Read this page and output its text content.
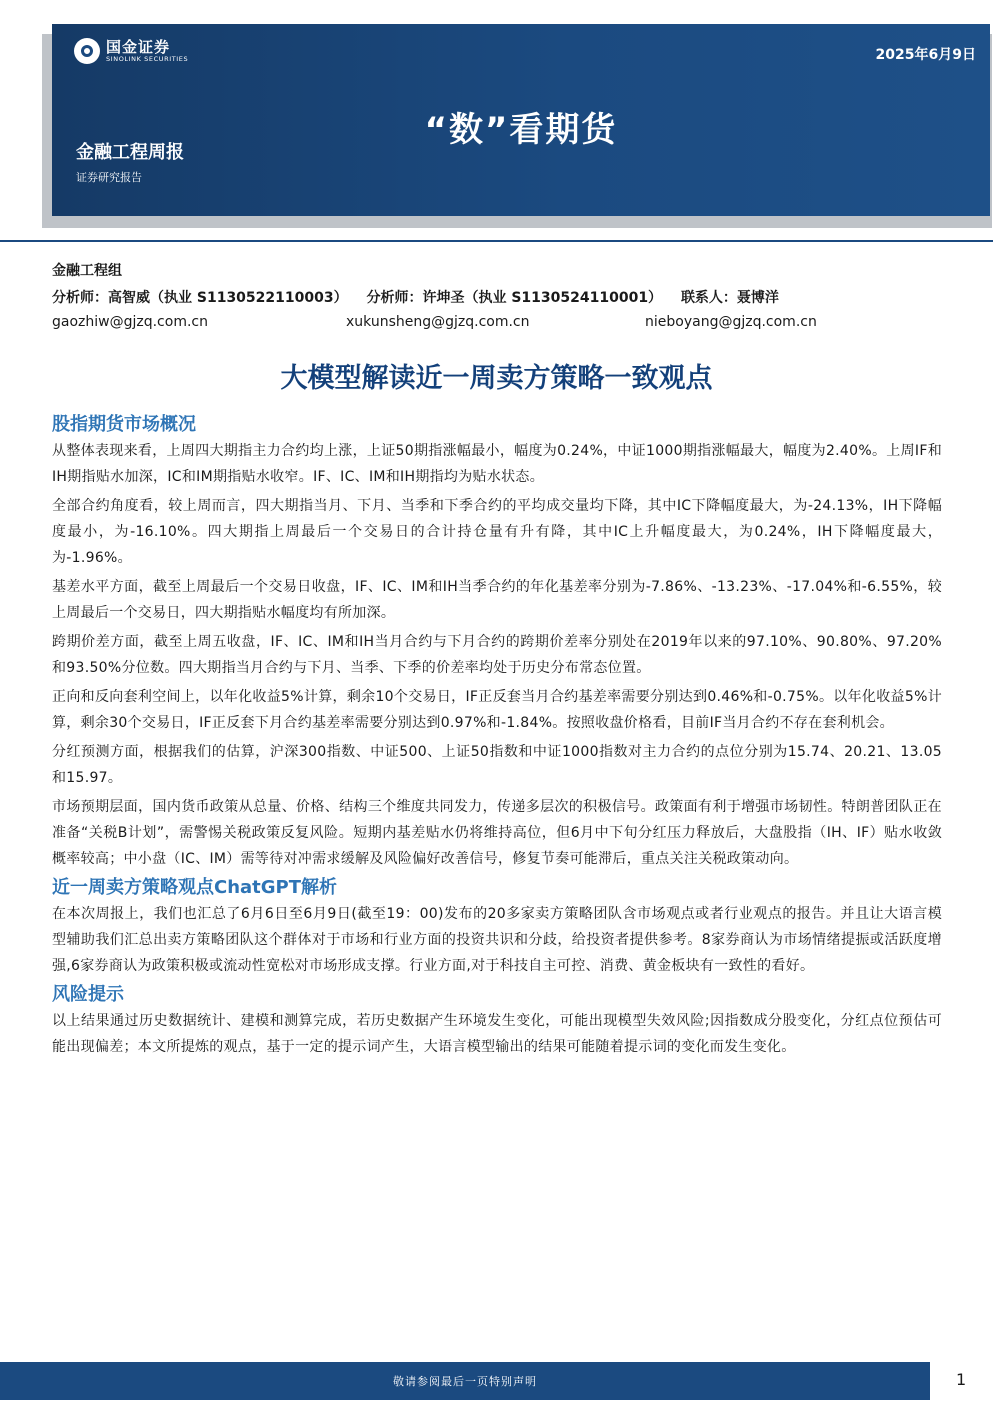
国金证券
SINOLINK SECURITIES	2025年6月9日
“数”看期货
金融工程周报
证券研究报告
金融工程组
分析师：高智威（执业 S1130522110003） 分析师：许坤圣（执业 S1130524110001） 联系人：聂博洋
gaozhiw@gjzq.com.cn	xukunsheng@gjzq.com.cn	nieboyang@gjzq.com.cn
大模型解读近一周卖方策略一致观点
股指期货市场概况

从整体表现来看，上周四大期指主力合约均上涨，上证50期指涨幅最小，幅度为0.24%，中证1000期指涨幅最大，幅度为2.40%。上周IF和IH期指贴水加深，IC和IM期指贴水收窄。IF、IC、IM和IH期指均为贴水状态。

全部合约角度看，较上周而言，四大期指当月、下月、当季和下季合约的平均成交量均下降，其中IC下降幅度最大，为-24.13%，IH下降幅度最小，为-16.10%。四大期指上周最后一个交易日的合计持仓量有升有降，其中IC上升幅度最大，为0.24%，IH下降幅度最大，为-1.96%。

基差水平方面，截至上周最后一个交易日收盘，IF、IC、IM和IH当季合约的年化基差率分别为-7.86%、-13.23%、-17.04%和-6.55%，较上周最后一个交易日，四大期指贴水幅度均有所加深。

跨期价差方面，截至上周五收盘，IF、IC、IM和IH当月合约与下月合约的跨期价差率分别处在2019年以来的97.10%、90.80%、97.20%和93.50%分位数。四大期指当月合约与下月、当季、下季的价差率均处于历史分布常态位置。

正向和反向套利空间上，以年化收益5%计算，剩余10个交易日，IF正反套当月合约基差率需要分别达到0.46%和-0.75%。以年化收益5%计算，剩余30个交易日，IF正反套下月合约基差率需要分别达到0.97%和-1.84%。按照收盘价格看，目前IF当月合约不存在套利机会。

分红预测方面，根据我们的估算，沪深300指数、中证500、上证50指数和中证1000指数对主力合约的点位分别为15.74、20.21、13.05和15.97。

市场预期层面，国内货币政策从总量、价格、结构三个维度共同发力，传递多层次的积极信号。政策面有利于增强市场韧性。特朗普团队正在准备“关税B计划”，需警惕关税政策反复风险。短期内基差贴水仍将维持高位，但6月中下旬分红压力释放后，大盘股指（IH、IF）贴水收敛概率较高；中小盘（IC、IM）需等待对冲需求缓解及风险偏好改善信号，修复节奏可能滞后，重点关注关税政策动向。

近一周卖方策略观点ChatGPT解析

在本次周报上，我们也汇总了6月6日至6月9日(截至19：00)发布的20多家卖方策略团队含市场观点或者行业观点的报告。并且让大语言模型辅助我们汇总出卖方策略团队这个群体对于市场和行业方面的投资共识和分歧，给投资者提供参考。8家券商认为市场情绪提振或活跃度增强,6家券商认为政策积极或流动性宽松对市场形成支撑。行业方面,对于科技自主可控、消费、黄金板块有一致性的看好。

风险提示

以上结果通过历史数据统计、建模和测算完成，若历史数据产生环境发生变化，可能出现模型失效风险;因指数成分股变化，分红点位预估可能出现偏差；本文所提炼的观点，基于一定的提示词产生，大语言模型输出的结果可能随着提示词的变化而发生变化。

敬请参阅最后一页特别声明	1
